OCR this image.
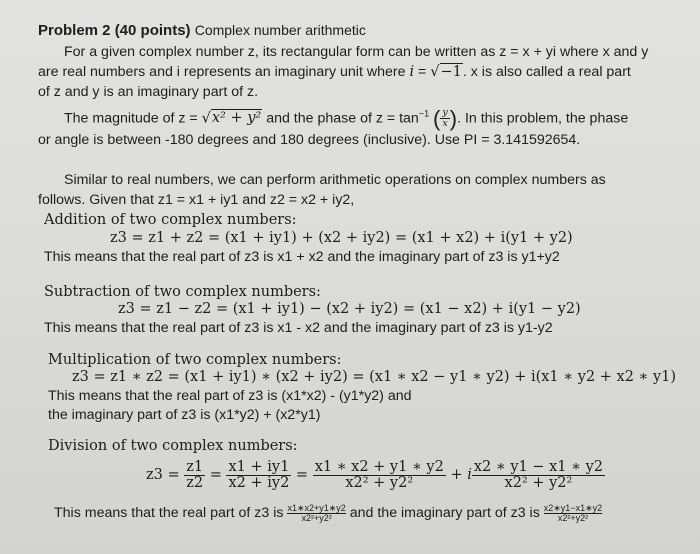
Problem 2 (40 points) Complex number arithmetic
For a given complex number z, its rectangular form can be written as z = x + yi where x and y
are real numbers and i represents an imaginary unit where i = √−1. x is also called a real part
of z and y is an imaginary part of z.
The magnitude of z = √x² + y² and the phase of $z = \tan^{-1}$ ( $\frac{y}{x}$ ). In this problem, the phase
or angle is between -180 degrees and 180 degrees (inclusive). Use PI = 3.141592654.
Similar to real numbers, we can perform arithmetic operations on complex numbers as
follows. Given that z1 = x1 + iy1 and z2 = x2 + iy2,
Addition of two complex numbers:
z3 = z1 + z2 = (x1 + iy1) + (x2 + iy2) = (x1 + x2) + i(y1 + y2)
This means that the real part of z3 is x1 + x2 and the imaginary part of z3 is y1+y2
Subtraction of two complex numbers:
z3 = z1 − z2 = (x1 + iy1) − (x2 + iy2) = (x1 − x2) + i(y1 − y2)
This means that the real part of z3 is x1 - x2 and the imaginary part of z3 is y1-y2
Multiplication of two complex numbers:
z3 = z1 ∗ z2 = (x1 + iy1) ∗ (x2 + iy2) = (x1 ∗ x2 − y1 ∗ y2) + i(x1 ∗ y2 + x2 ∗ y1)
This means that the real part of z3 is (x1*x2) - (y1*y2) and
the imaginary part of z3 is (x1*y2) + (x2*y1)
Division of two complex numbers:
$z3 = \frac{z1}{z2} = \frac{x1 + iy1}{x2 + iy2} = \frac{x1 ∗ x2 + y1 ∗ y2}{\text{x2² + y2²}} + i \frac{x2 ∗ y1 - x1 ∗ y2}{\text{x2² + y2²}}$
This means that the real part of z3 is $\frac{x1∗x2+y1∗y2}{\text{x2²+y2²}}$ and the imaginary part of z3 is $\frac{x2∗y1-x1∗y2}{\text{x2²+y2²}}$
